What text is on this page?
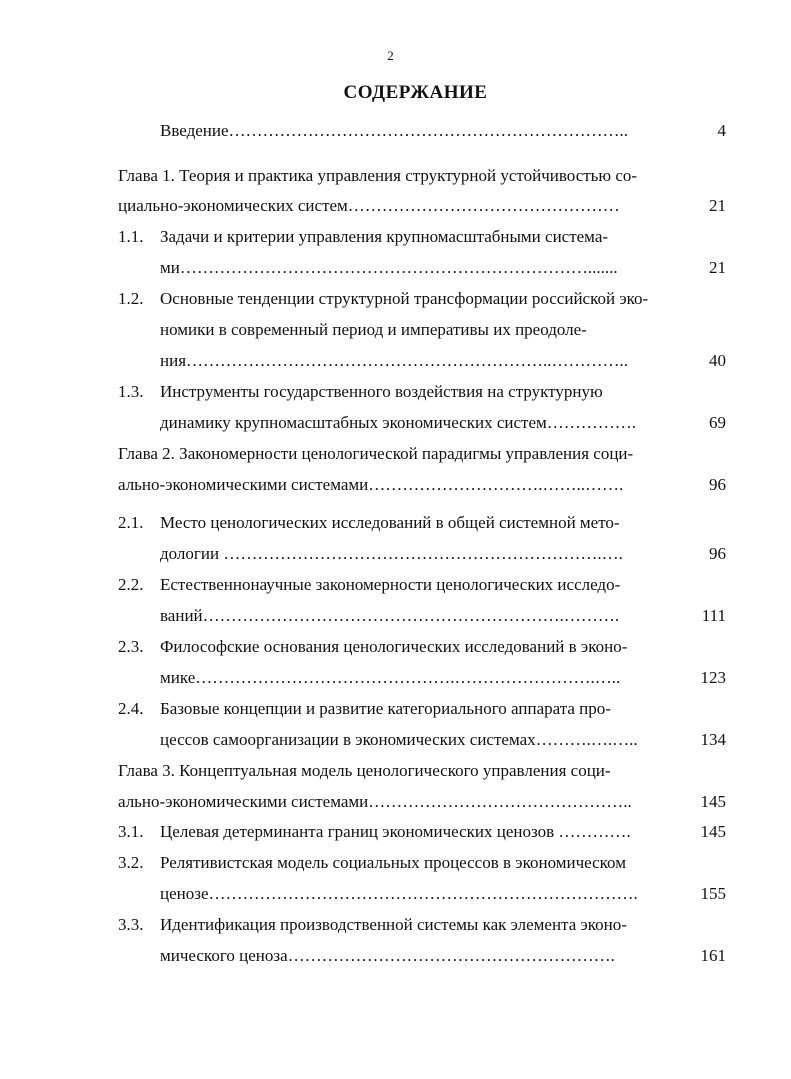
2
СОДЕРЖАНИЕ
Введение……………………………………………………………..	4
Глава 1. Теория и практика управления структурной устойчивостью со-
циально-экономических систем…………………………………………	21
1.1. Задачи и критерии управления крупномасштабными система-
ми……………………………………………………………….......	21
1.2. Основные тенденции структурной трансформации российской эко-
номики в современный период и императивы их преодоле-
ния………………………………………………………..…………..	40
1.3. Инструменты государственного воздействия на структурную
динамику крупномасштабных экономических систем…………….	69
Глава 2. Закономерности ценологической парадигмы управления соци-
ально-экономическими системами………………………….……..…….	96
2.1. Место ценологических исследований в общей системной мето-
дологии ………………………………………………………….….	96
2.2. Естественнонаучные закономерности ценологических исследо-
ваний……………………………………………………….……….	111
2.3. Философские основания ценологических исследований в эконо-
мике……………………………………….…………………….…..	123
2.4. Базовые концепции и развитие категориального аппарата про-
цессов самоорганизации в экономических системах……….….…..	134
Глава 3. Концептуальная модель ценологического управления соци-
ально-экономическими системами………………………………………..	145
3.1. Целевая детерминанта границ экономических ценозов ………….	145
3.2. Релятивистская модель социальных процессов в экономическом
ценозе………………………………………………………………….	155
3.3. Идентификация производственной системы как элемента эконо-
мического ценоза………………………………………………….	161
